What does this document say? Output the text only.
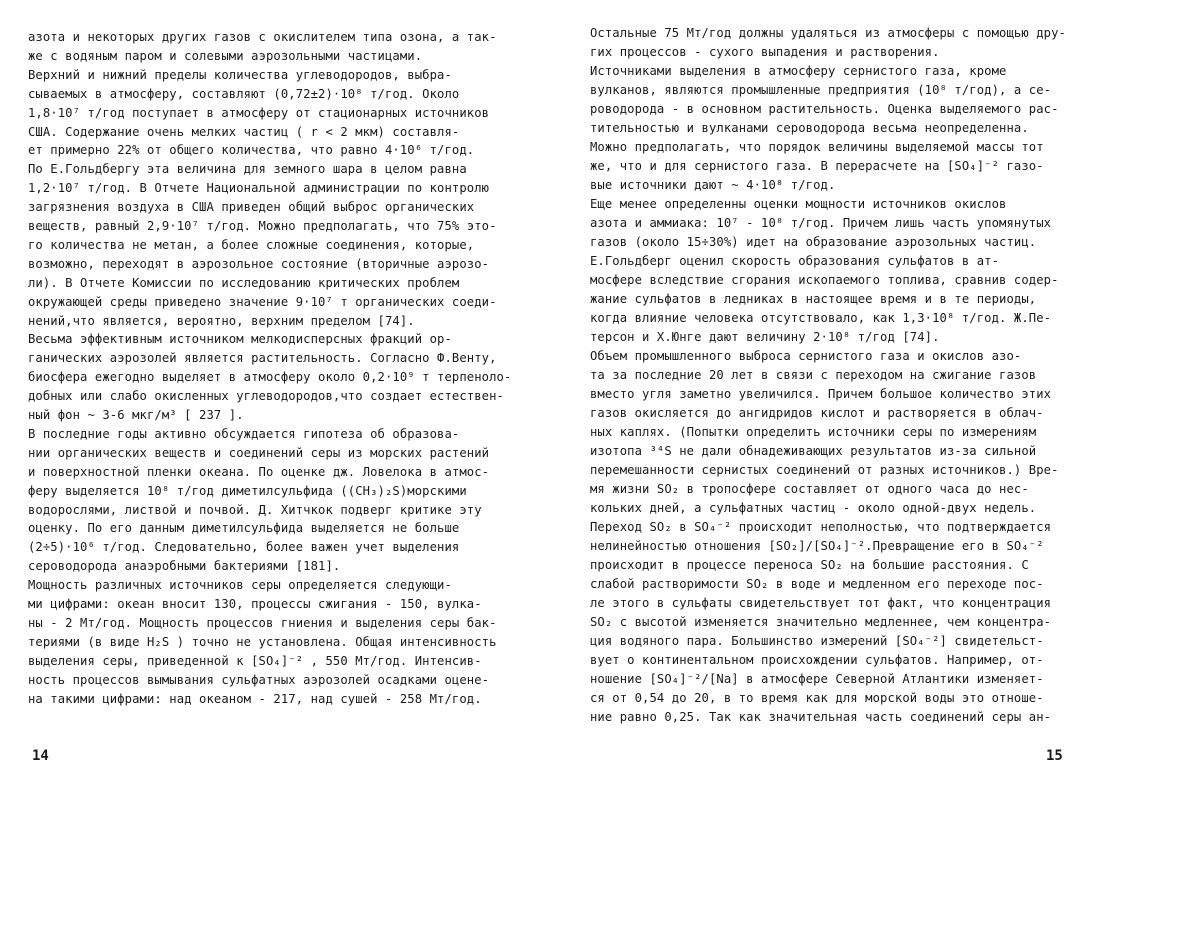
14
азота и некоторых других газов с окислителем типа озона, а так-
же с водяным паром и солевыми аэрозольными частицами.
Верхний и нижний пределы количества углеводородов, выбра-
сываемых в атмосферу, составляют (0,72±2)·10⁸ т/год. Около
1,8·10⁷ т/год поступает в атмосферу от стационарных источников
США. Содержание очень мелких частиц ( r < 2 мкм) составля-
ет примерно 22% от общего количества, что равно 4·10⁶ т/год.
По Е.Гольдбергу эта величина для земного шара в целом равна
1,2·10⁷ т/год. В Отчете Национальной администрации по контролю
загрязнения воздуха в США приведен общий выброс органических
веществ, равный 2,9·10⁷ т/год. Можно предполагать, что 75% это-
го количества не метан, а более сложные соединения, которые,
возможно, переходят в аэрозольное состояние (вторичные аэрозо-
ли). В Отчете Комиссии по исследованию критических проблем
окружающей среды приведено значение 9·10⁷ т органических соеди-
нений,что является, вероятно, верхним пределом [74].
Весьма эффективным источником мелкодисперсных фракций ор-
ганических аэрозолей является растительность. Согласно Ф.Венту,
биосфера ежегодно выделяет в атмосферу около 0,2·10⁹ т терпеноло-
добных или слабо окисленных углеводородов,что создает естествен-
ный фон ~ 3-6 мкг/м³ [ 237 ].
В последние годы активно обсуждается гипотеза об образова-
нии органических веществ и соединений серы из морских растений
и поверхностной пленки океана. По оценке дж. Ловелока в атмос-
феру выделяется 10⁸ т/год диметилсульфида ((CH₃)₂S)морскими
водорослями, листвой и почвой. Д. Хитчкок подверг критике эту
оценку. По его данным диметилсульфида выделяется не больше
(2÷5)·10⁶ т/год. Следовательно, более важен учет выделения
сероводорода анаэробными бактериями [181].
Мощность различных источников серы определяется следующи-
ми цифрами: океан вносит 130, процессы сжигания - 150, вулка-
ны - 2 Мт/год. Мощность процессов гниения и выделения серы бак-
териями (в виде H₂S ) точно не установлена. Общая интенсивность
выделения серы, приведенной к [SO₄]⁻² , 550 Мт/год. Интенсив-
ность процессов вымывания сульфатных аэрозолей осадками оцене-
на такими цифрами: над океаном - 217, над сушей - 258 Мт/год.
15
Остальные 75 Мт/год должны удаляться из атмосферы с помощью дру-
гих процессов - сухого выпадения и растворения.
Источниками выделения в атмосферу сернистого газа, кроме
вулканов, являются промышленные предприятия (10⁸ т/год), а се-
роводорода - в основном растительность. Оценка выделяемого рас-
тительностью и вулканами сероводорода весьма неопределенна.
Можно предполагать, что порядок величины выделяемой массы тот
же, что и для сернистого газа. В перерасчете на [SO₄]⁻² газо-
вые источники дают ~ 4·10⁸ т/год.
Еще менее определенны оценки мощности источников окислов
азота и аммиака: 10⁷ - 10⁸ т/год. Причем лишь часть упомянутых
газов (около 15÷30%) идет на образование аэрозольных частиц.
Е.Гольдберг оценил скорость образования сульфатов в ат-
мосфере вследствие сгорания ископаемого топлива, сравнив содер-
жание сульфатов в ледниках в настоящее время и в те периоды,
когда влияние человека отсутствовало, как 1,3·10⁸ т/год. Ж.Пе-
терсон и Х.Юнге дают величину 2·10⁸ т/год [74].
Объем промышленного выброса сернистого газа и окислов азо-
та за последние 20 лет в связи с переходом на сжигание газов
вместо угля заметно увеличился. Причем большое количество этих
газов окисляется до ангидридов кислот и растворяется в облач-
ных каплях. (Попытки определить источники серы по измерениям
изотопа ³⁴S не дали обнадеживающих результатов из-за сильной
перемешанности сернистых соединений от разных источников.) Вре-
мя жизни SO₂ в тропосфере составляет от одного часа до нес-
кольких дней, а сульфатных частиц - около одной-двух недель.
Переход SO₂ в SO₄⁻² происходит неполностью, что подтверждается
нелинейностью отношения [SO₂]/[SO₄]⁻².Превращение его в SO₄⁻²
происходит в процессе переноса SO₂ на большие расстояния. С
слабой растворимости SO₂ в воде и медленном его переходе пос-
ле этого в сульфаты свидетельствует тот факт, что концентрация
SO₂ с высотой изменяется значительно медленнее, чем концентра-
ция водяного пара. Большинство измерений [SO₄⁻²] свидетельст-
вует о континентальном происхождении сульфатов. Например, от-
ношение [SO₄]⁻²/[Na] в атмосфере Северной Атлантики изменяет-
ся от 0,54 до 20, в то время как для морской воды это отноше-
ние равно 0,25. Так как значительная часть соединений серы ан-
